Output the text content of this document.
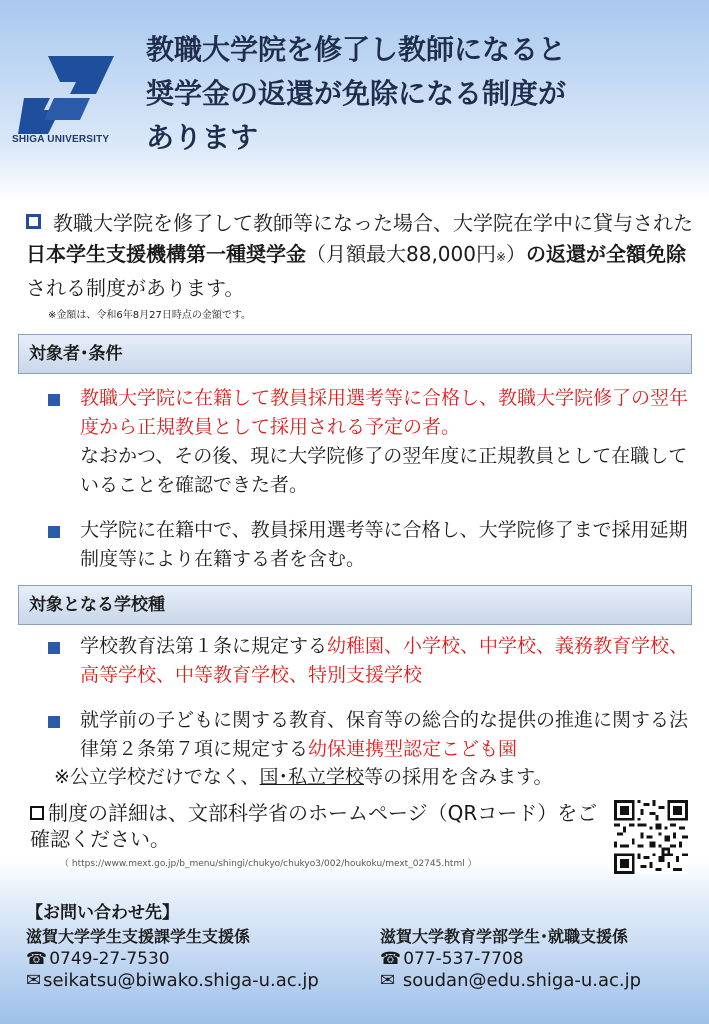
SHIGA UNIVERSITY
教職大学院を修了し教師になると
奨学金の返還が免除になる制度が
あります
教職大学院を修了して教師等になった場合、大学院在学中に貸与された日本学生支援機構第一種奨学金（月額最大88,000円※）の返還が全額免除される制度があります。
※金額は、令和6年8月27日時点の金額です。
対象者･条件
教職大学院に在籍して教員採用選考等に合格し、教職大学院修了の翌年度から正規教員として採用される予定の者。
なおかつ、その後、現に大学院修了の翌年度に正規教員として在職していることを確認できた者。
大学院に在籍中で、教員採用選考等に合格し、大学院修了まで採用延期制度等により在籍する者を含む。
対象となる学校種
学校教育法第１条に規定する幼稚園、小学校、中学校、義務教育学校、高等学校、中等教育学校、特別支援学校
就学前の子どもに関する教育、保育等の総合的な提供の推進に関する法律第２条第７項に規定する幼保連携型認定こども園
※公立学校だけでなく、国･私立学校等の採用を含みます。
制度の詳細は、文部科学省のホームページ（QRコード）をご確認ください。
（ https://www.mext.go.jp/b_menu/shingi/chukyo/chukyo3/002/houkoku/mext_02745.html ）
【お問い合わせ先】
滋賀大学学生支援課学生支援係
☎ 0749-27-7530
✉ seikatsu@biwako.shiga-u.ac.jp
滋賀大学教育学部学生･就職支援係
☎ 077-537-7708
✉ soudan@edu.shiga-u.ac.jp
